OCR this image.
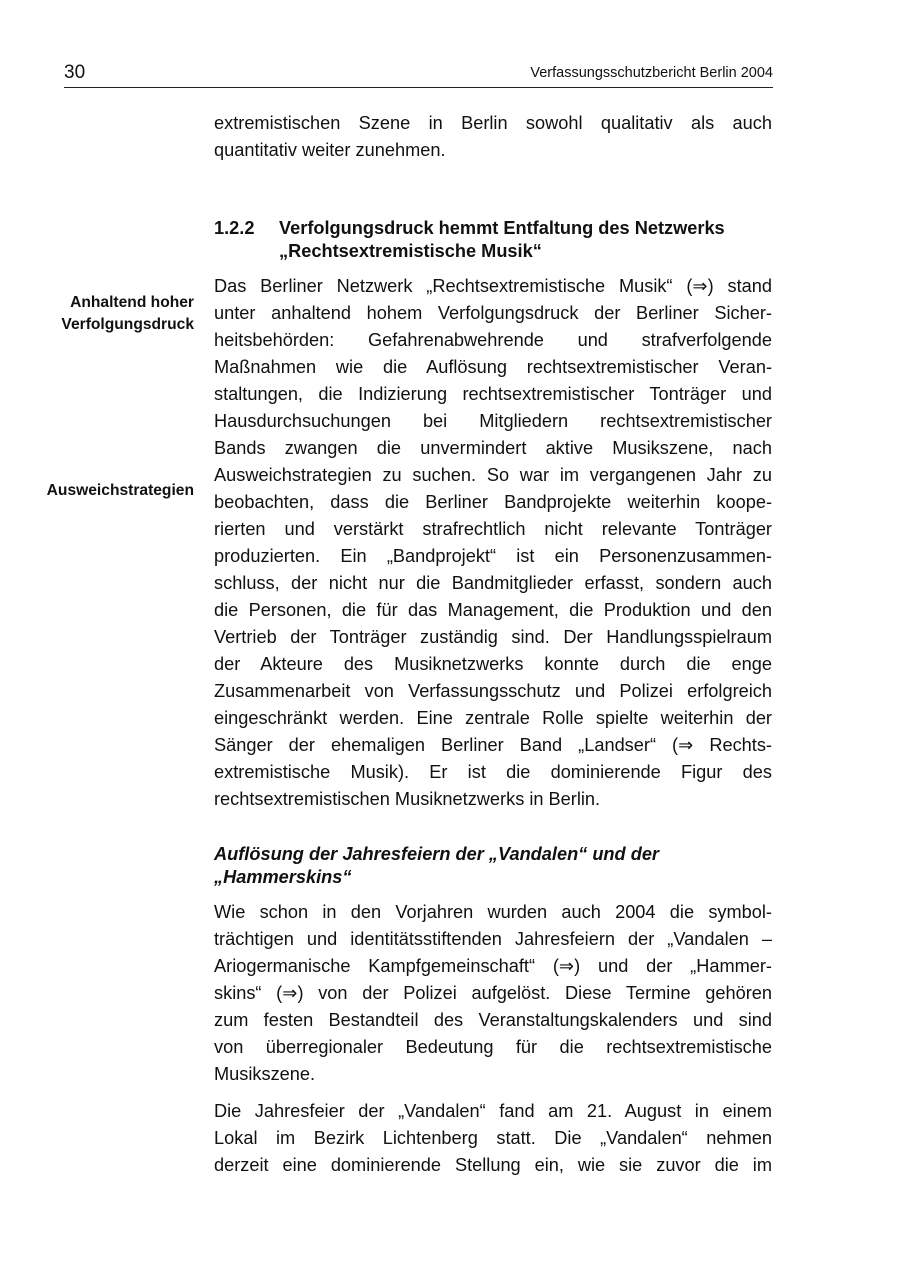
30	Verfassungsschutzbericht Berlin 2004
extremistischen Szene in Berlin sowohl qualitativ als auch
quantitativ weiter zunehmen.
1.2.2 Verfolgungsdruck hemmt Entfaltung des Netzwerks
„Rechtsextremistische Musik“
Anhaltend hoher
Verfolgungsdruck
Ausweichstrategien
Das Berliner Netzwerk „Rechtsextremistische Musik“ (⇒) stand
unter anhaltend hohem Verfolgungsdruck der Berliner Sicher-
heitsbehörden: Gefahrenabwehrende und strafverfolgende
Maßnahmen wie die Auflösung rechtsextremistischer Veran-
staltungen, die Indizierung rechtsextremistischer Tonträger und
Hausdurchsuchungen bei Mitgliedern rechtsextremistischer
Bands zwangen die unvermindert aktive Musikszene, nach
Ausweichstrategien zu suchen. So war im vergangenen Jahr zu
beobachten, dass die Berliner Bandprojekte weiterhin koope-
rierten und verstärkt strafrechtlich nicht relevante Tonträger
produzierten. Ein „Bandprojekt“ ist ein Personenzusammen-
schluss, der nicht nur die Bandmitglieder erfasst, sondern auch
die Personen, die für das Management, die Produktion und den
Vertrieb der Tonträger zuständig sind. Der Handlungsspielraum
der Akteure des Musiknetzwerks konnte durch die enge
Zusammenarbeit von Verfassungsschutz und Polizei erfolgreich
eingeschränkt werden. Eine zentrale Rolle spielte weiterhin der
Sänger der ehemaligen Berliner Band „Landser“ (⇒ Rechts-
extremistische Musik). Er ist die dominierende Figur des
rechtsextremistischen Musiknetzwerks in Berlin.
Auflösung der Jahresfeiern der „Vandalen“ und der
„Hammerskins“
Wie schon in den Vorjahren wurden auch 2004 die symbol-
trächtigen und identitätsstiftenden Jahresfeiern der „Vandalen –
Ariogermanische Kampfgemeinschaft“ (⇒) und der „Hammer-
skins“ (⇒) von der Polizei aufgelöst. Diese Termine gehören
zum festen Bestandteil des Veranstaltungskalenders und sind
von überregionaler Bedeutung für die rechtsextremistische
Musikszene.
Die Jahresfeier der „Vandalen“ fand am 21. August in einem
Lokal im Bezirk Lichtenberg statt. Die „Vandalen“ nehmen
derzeit eine dominierende Stellung ein, wie sie zuvor die im
